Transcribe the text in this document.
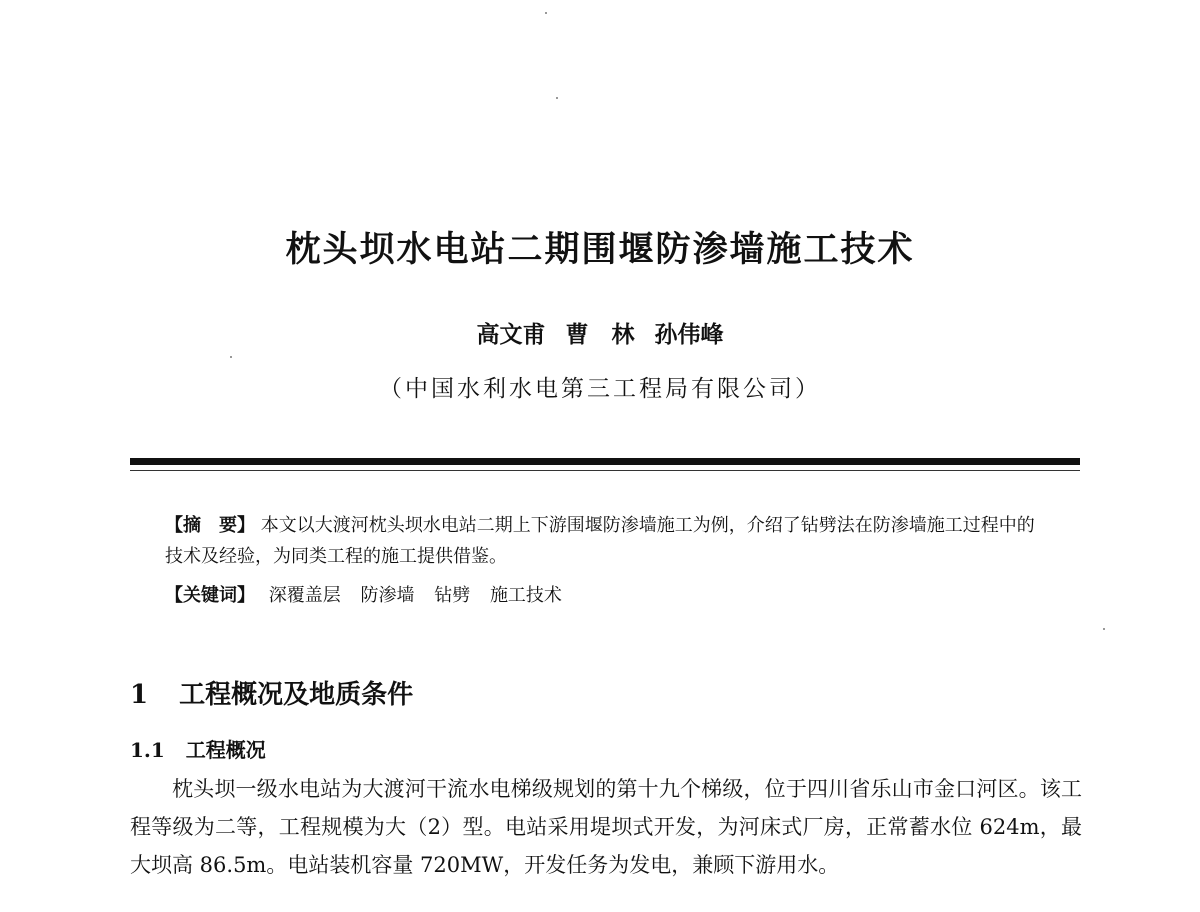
枕头坝水电站二期围堰防渗墙施工技术
高文甫 曹　林 孙伟峰
（中国水利水电第三工程局有限公司）
【摘　要】 本文以大渡河枕头坝水电站二期上下游围堰防渗墙施工为例，介绍了钻劈法在防渗墙施工过程中的技术及经验，为同类工程的施工提供借鉴。
【关键词】 深覆盖层 防渗墙 钻劈 施工技术
1 工程概况及地质条件
1.1 工程概况
枕头坝一级水电站为大渡河干流水电梯级规划的第十九个梯级，位于四川省乐山市金口河区。该工程等级为二等，工程规模为大（2）型。电站采用堤坝式开发，为河床式厂房，正常蓄水位 624m，最大坝高 86.5m。电站装机容量 720MW，开发任务为发电，兼顾下游用水。
